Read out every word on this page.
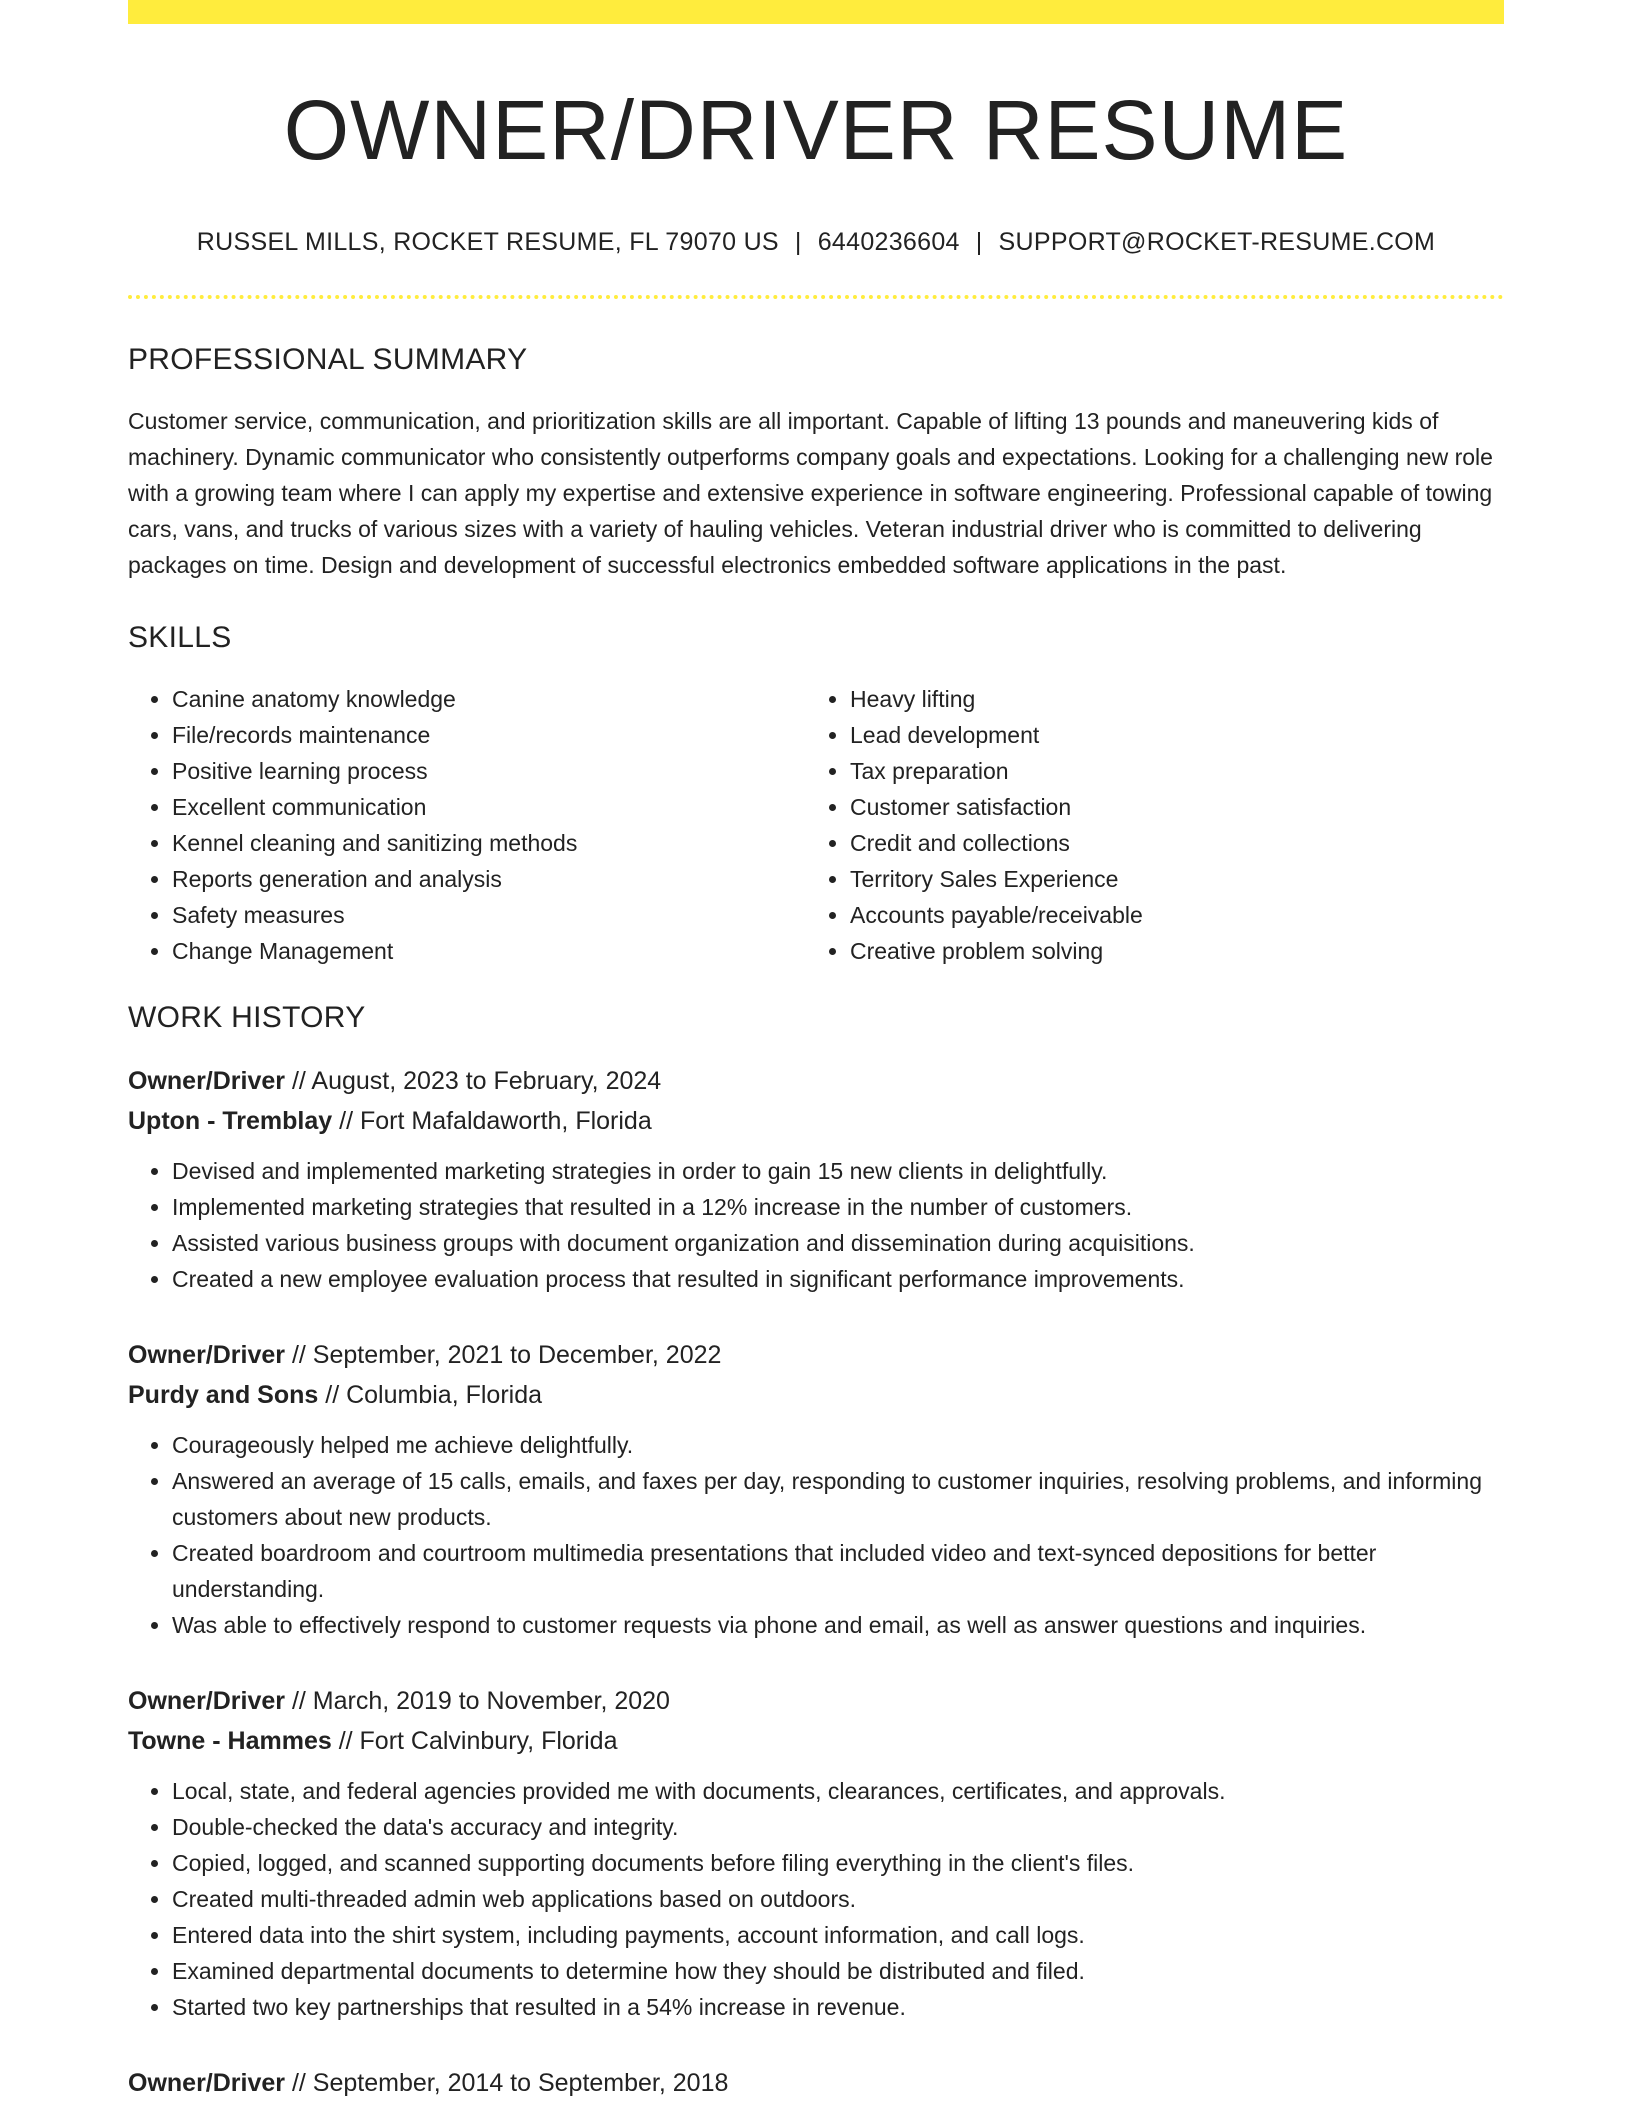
OWNER/DRIVER RESUME
RUSSEL MILLS, ROCKET RESUME, FL 79070 US | 6440236604 | SUPPORT@ROCKET-RESUME.COM
PROFESSIONAL SUMMARY
Customer service, communication, and prioritization skills are all important. Capable of lifting 13 pounds and maneuvering kids of machinery. Dynamic communicator who consistently outperforms company goals and expectations. Looking for a challenging new role with a growing team where I can apply my expertise and extensive experience in software engineering. Professional capable of towing cars, vans, and trucks of various sizes with a variety of hauling vehicles. Veteran industrial driver who is committed to delivering packages on time. Design and development of successful electronics embedded software applications in the past.
SKILLS
• Canine anatomy knowledge
• File/records maintenance
• Positive learning process
• Excellent communication
• Kennel cleaning and sanitizing methods
• Reports generation and analysis
• Safety measures
• Change Management
• Heavy lifting
• Lead development
• Tax preparation
• Customer satisfaction
• Credit and collections
• Territory Sales Experience
• Accounts payable/receivable
• Creative problem solving
WORK HISTORY
Owner/Driver // August, 2023 to February, 2024
Upton - Tremblay // Fort Mafaldaworth, Florida
• Devised and implemented marketing strategies in order to gain 15 new clients in delightfully.
• Implemented marketing strategies that resulted in a 12% increase in the number of customers.
• Assisted various business groups with document organization and dissemination during acquisitions.
• Created a new employee evaluation process that resulted in significant performance improvements.
Owner/Driver // September, 2021 to December, 2022
Purdy and Sons // Columbia, Florida
• Courageously helped me achieve delightfully.
• Answered an average of 15 calls, emails, and faxes per day, responding to customer inquiries, resolving problems, and informing customers about new products.
• Created boardroom and courtroom multimedia presentations that included video and text-synced depositions for better understanding.
• Was able to effectively respond to customer requests via phone and email, as well as answer questions and inquiries.
Owner/Driver // March, 2019 to November, 2020
Towne - Hammes // Fort Calvinbury, Florida
• Local, state, and federal agencies provided me with documents, clearances, certificates, and approvals.
• Double-checked the data's accuracy and integrity.
• Copied, logged, and scanned supporting documents before filing everything in the client's files.
• Created multi-threaded admin web applications based on outdoors.
• Entered data into the shirt system, including payments, account information, and call logs.
• Examined departmental documents to determine how they should be distributed and filed.
• Started two key partnerships that resulted in a 54% increase in revenue.
Owner/Driver // September, 2014 to September, 2018
